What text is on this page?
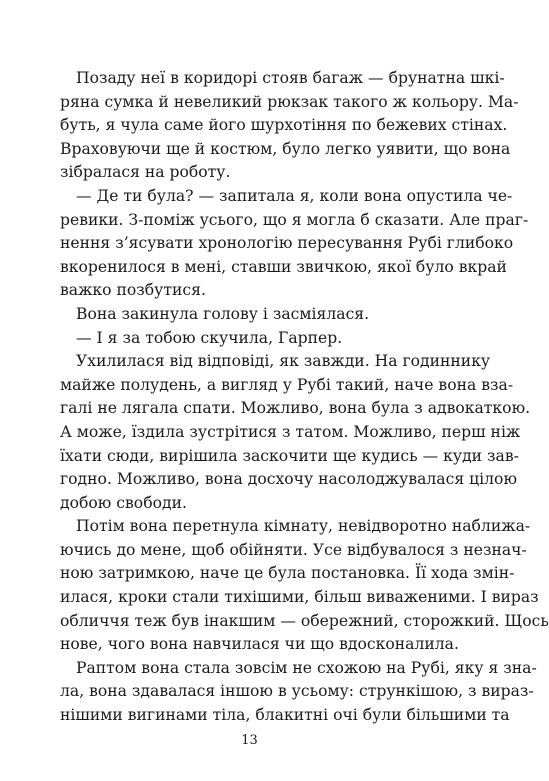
Позаду неї в коридорі стояв багаж — брунатна шкі-
ряна сумка й невеликий рюкзак такого ж кольору. Ма-
буть, я чула саме його шурхотіння по бежевих стінах.
Враховуючи ще й костюм, було легко уявити, що вона
зібралася на роботу.
— Де ти була? — запитала я, коли вона опустила че-
ревики. З-поміж усього, що я могла б сказати. Але праг-
нення з’ясувати хронологію пересування Рубі глибоко
вкоренилося в мені, ставши звичкою, якої було вкрай
важко позбутися.
Вона закинула голову і засміялася.
— І я за тобою скучила, Гарпер.
Ухилилася від відповіді, як завжди. На годиннику
майже полудень, а вигляд у Рубі такий, наче вона взa-
галі не лягала спати. Можливо, вона була з адвокаткою.
А може, їздила зустрітися з татом. Можливо, перш ніж
їхати сюди, вирішила заскочити ще кудись — куди зав-
годно. Можливо, вона досхочу насолоджувалася цілою
добою свободи.
Потім вона перетнула кімнату, невідворотно наближа-
ючись до мене, щоб обійняти. Усе відбувалося з незнач-
ною затримкою, наче це була постановка. Її хода змін-
илася, кроки стали тихішими, більш виваженими. І вираз
обличчя теж був інакшим — обережний, сторожкий. Щось
нове, чого вона навчилася чи що вдосконалила.
Раптом вона стала зовсім не схожою на Рубі, яку я зна-
ла, вона здавалася іншою в усьому: стрункішою, з вираз-
нішими вигинами тіла, блакитні очі були більшими та
13
